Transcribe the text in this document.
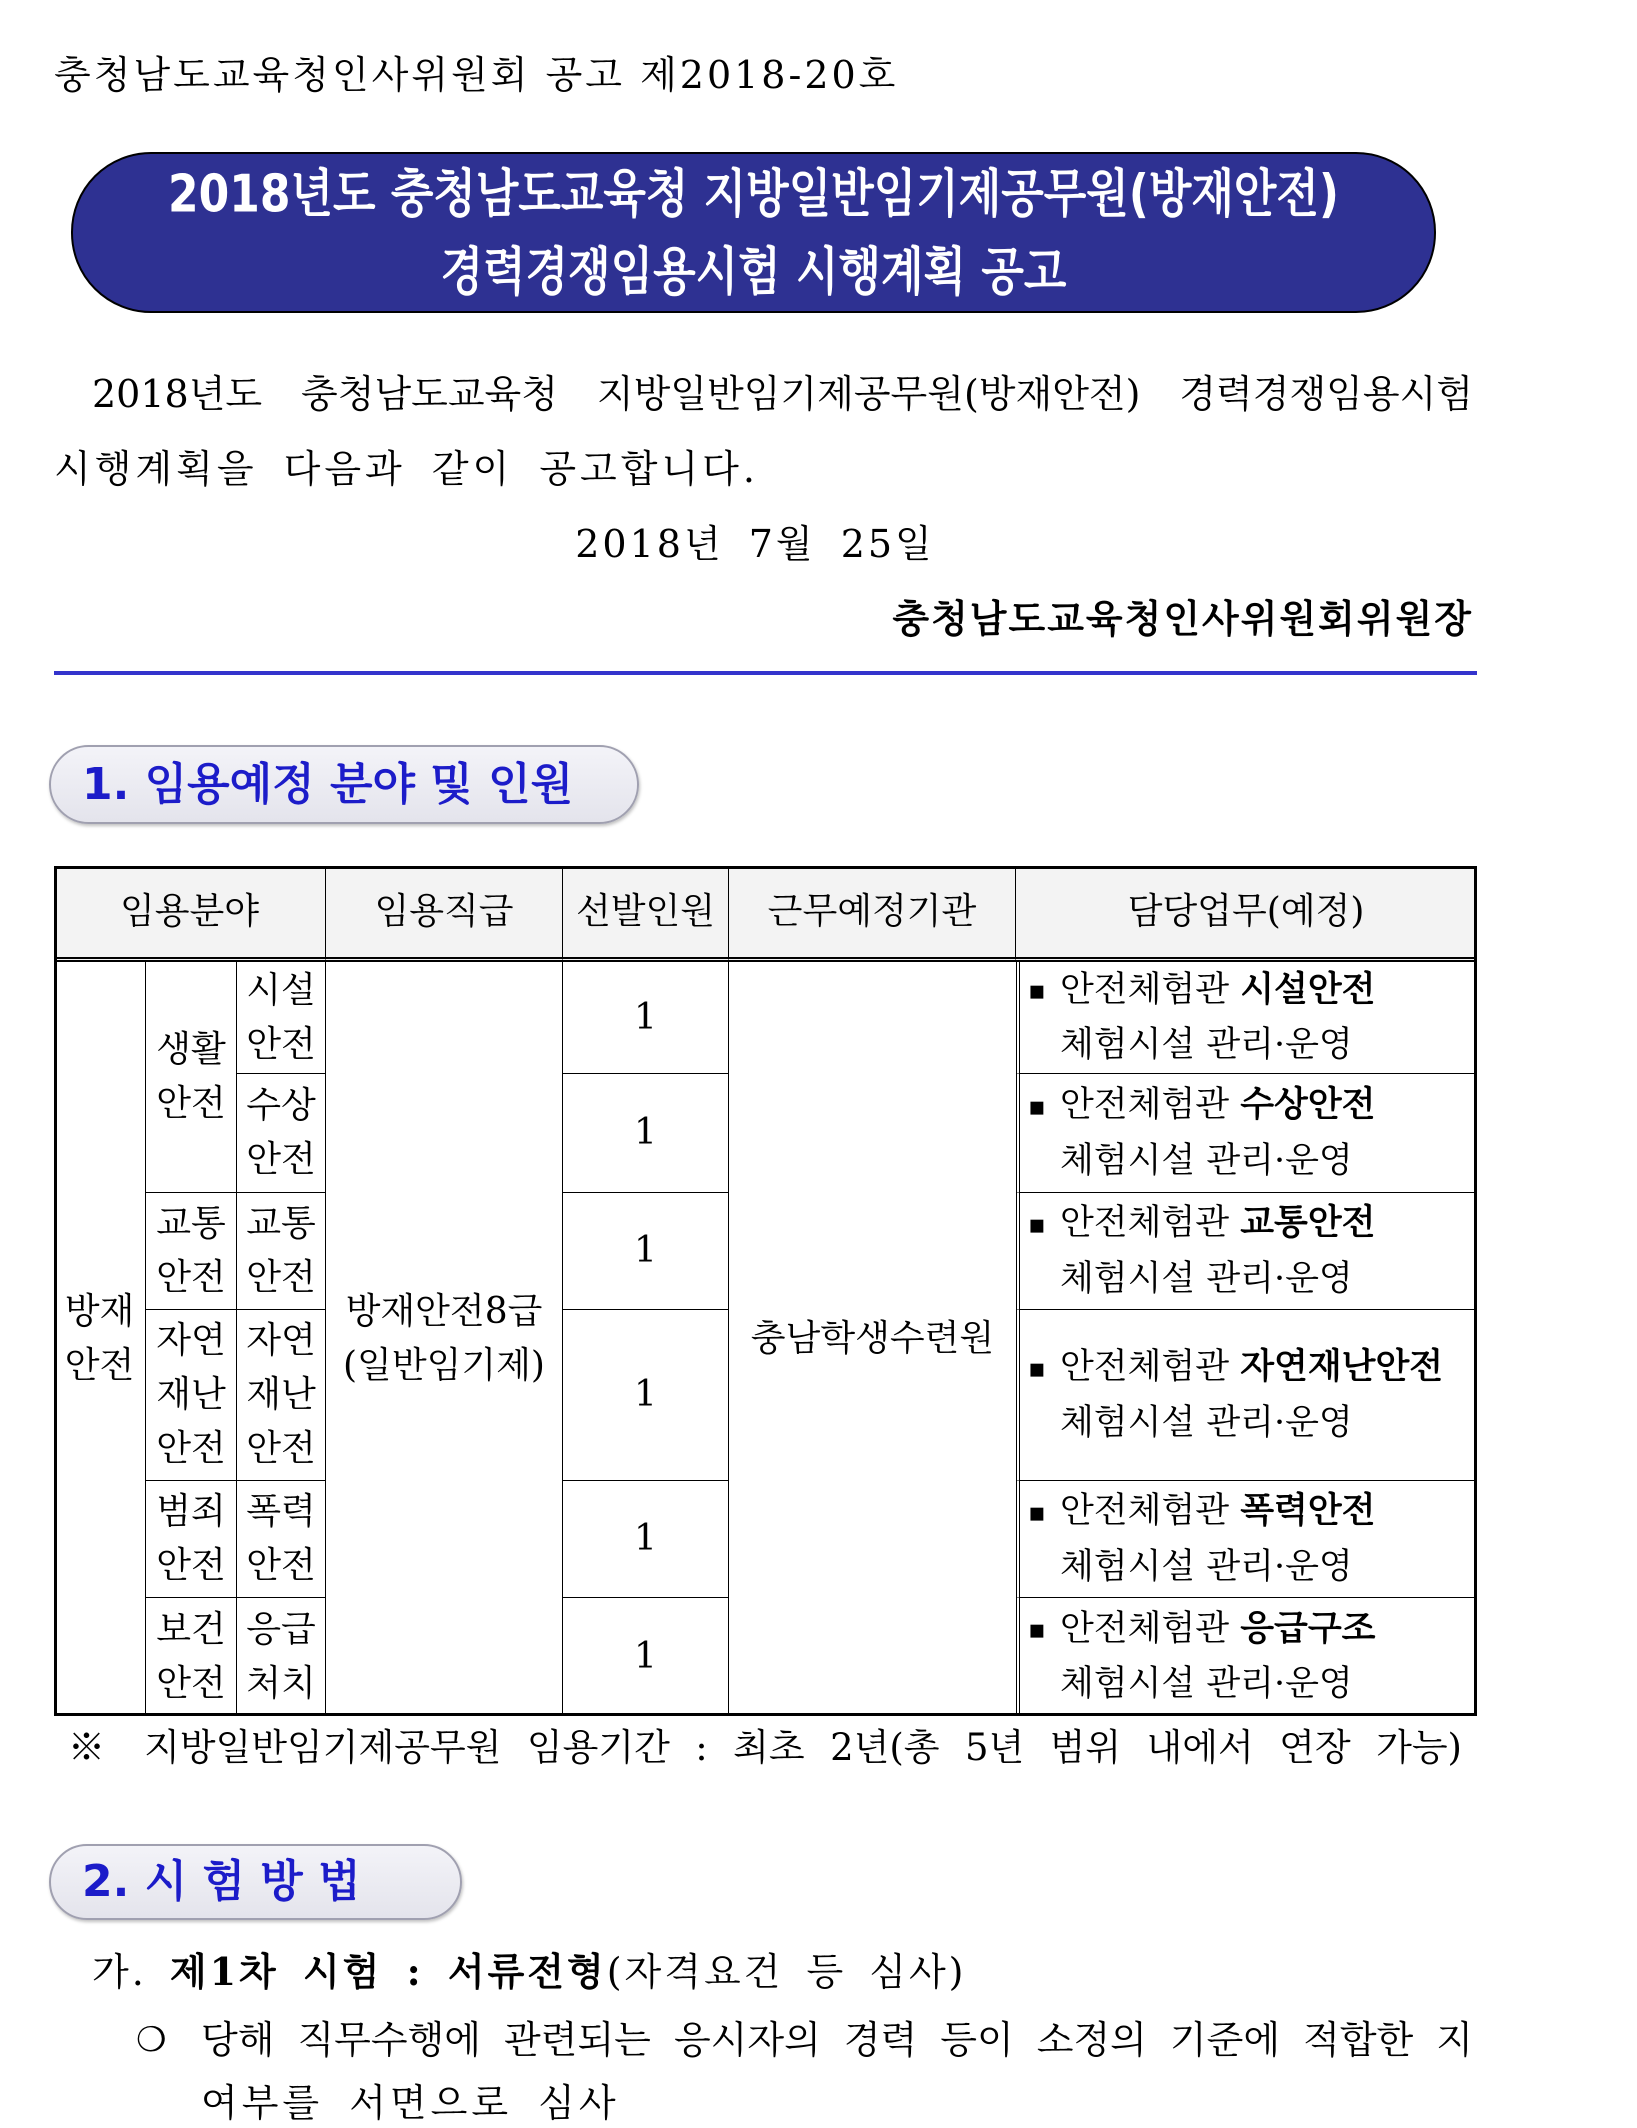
충청남도교육청인사위원회 공고 제2018-20호
2018년도 충청남도교육청 지방일반임기제공무원(방재안전)
경력경쟁임용시험 시행계획 공고
2018년도 충청남도교육청 지방일반임기제공무원(방재안전) 경력경쟁임용시험
시행계획을 다음과 같이 공고합니다.
2018년 7월 25일
충청남도교육청인사위원회위원장
1. 임용예정 분야 및 인원
임용분야	임용직급 선발인원 근무예정기관	담당업무(예정)
방재
안전
생활
안전
교통
안전
자연
재난
안전
범죄
안전
보건
안전
시설
안전
수상
안전
교통
안전
자연
재난
안전
폭력
안전
응급
처치
방재안전8급
(일반임기제)
1
1
1
1
1
1
충남학생수련원
▪ 안전체험관 시설안전
체험시설 관리·운영
▪ 안전체험관 수상안전
체험시설 관리·운영
▪ 안전체험관 교통안전
체험시설 관리·운영
▪ 안전체험관 자연재난안전
체험시설 관리·운영
▪ 안전체험관 폭력안전
체험시설 관리·운영
▪ 안전체험관 응급구조
체험시설 관리·운영
※ 지방일반임기제공무원 임용기간 : 최초 2년(총 5년 범위 내에서 연장 가능)
2. 시 험 방 법
가. 제1차 시험 : 서류전형(자격요건 등 심사)
❍ 당해 직무수행에 관련되는 응시자의 경력 등이 소정의 기준에 적합한 지
여부를 서면으로 심사
